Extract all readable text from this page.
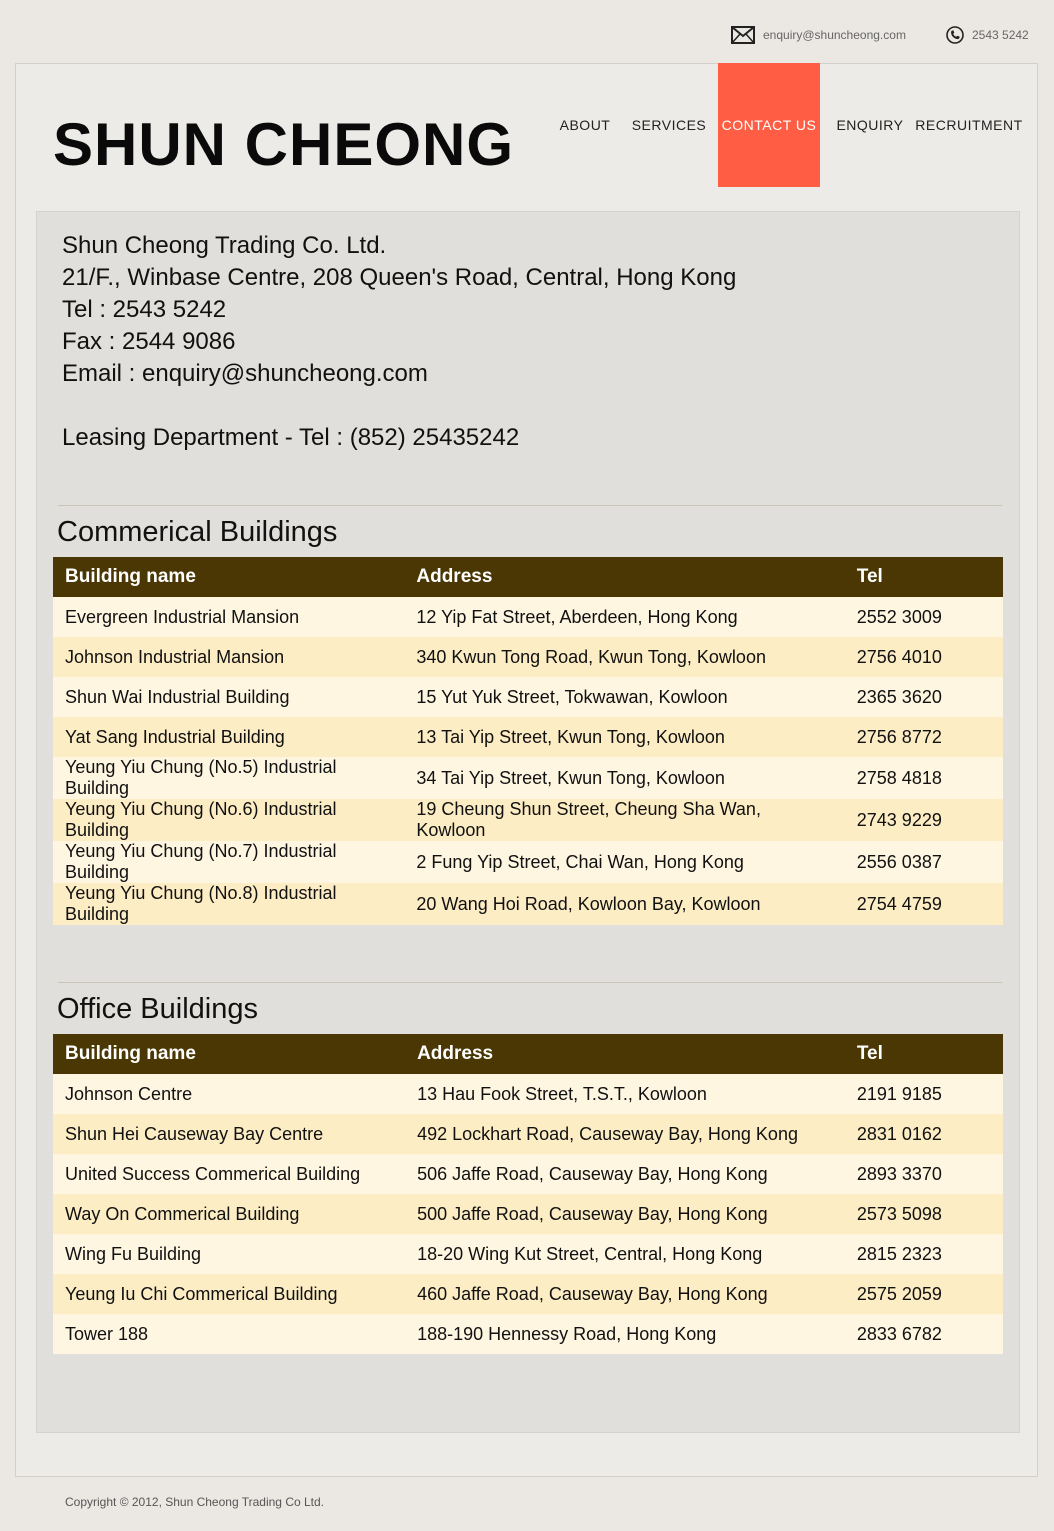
enquiry@shuncheong.com	2543 5242
SHUN CHEONG	ABOUT	SERVICES	CONTACT US	ENQUIRY RECRUITMENT
Shun Cheong Trading Co. Ltd.
21/F., Winbase Centre, 208 Queen's Road, Central, Hong Kong
Tel : 2543 5242
Fax : 2544 9086
Email : enquiry@shuncheong.com
Leasing Department - Tel : (852) 25435242
Commerical Buildings
Building name	Address	Tel
Evergreen Industrial Mansion	12 Yip Fat Street, Aberdeen, Hong Kong	2552 3009
Johnson Industrial Mansion	340 Kwun Tong Road, Kwun Tong, Kowloon	2756 4010
Shun Wai Industrial Building	15 Yut Yuk Street, Tokwawan, Kowloon	2365 3620
Yat Sang Industrial Building	13 Tai Yip Street, Kwun Tong, Kowloon	2756 8772
Yeung Yiu Chung (No.5) Industrial Building	34 Tai Yip Street, Kwun Tong, Kowloon	2758 4818
Yeung Yiu Chung (No.6) Industrial Building	19 Cheung Shun Street, Cheung Sha Wan, Kowloon	2743 9229
Yeung Yiu Chung (No.7) Industrial Building	2 Fung Yip Street, Chai Wan, Hong Kong	2556 0387
Yeung Yiu Chung (No.8) Industrial Building	20 Wang Hoi Road, Kowloon Bay, Kowloon	2754 4759
Office Buildings
Building name	Address	Tel
Johnson Centre	13 Hau Fook Street, T.S.T., Kowloon	2191 9185
Shun Hei Causeway Bay Centre	492 Lockhart Road, Causeway Bay, Hong Kong	2831 0162
United Success Commerical Building	506 Jaffe Road, Causeway Bay, Hong Kong	2893 3370
Way On Commerical Building	500 Jaffe Road, Causeway Bay, Hong Kong	2573 5098
Wing Fu Building	18-20 Wing Kut Street, Central, Hong Kong	2815 2323
Yeung Iu Chi Commerical Building	460 Jaffe Road, Causeway Bay, Hong Kong	2575 2059
Tower 188	188-190 Hennessy Road, Hong Kong	2833 6782
Copyright © 2012, Shun Cheong Trading Co Ltd.
